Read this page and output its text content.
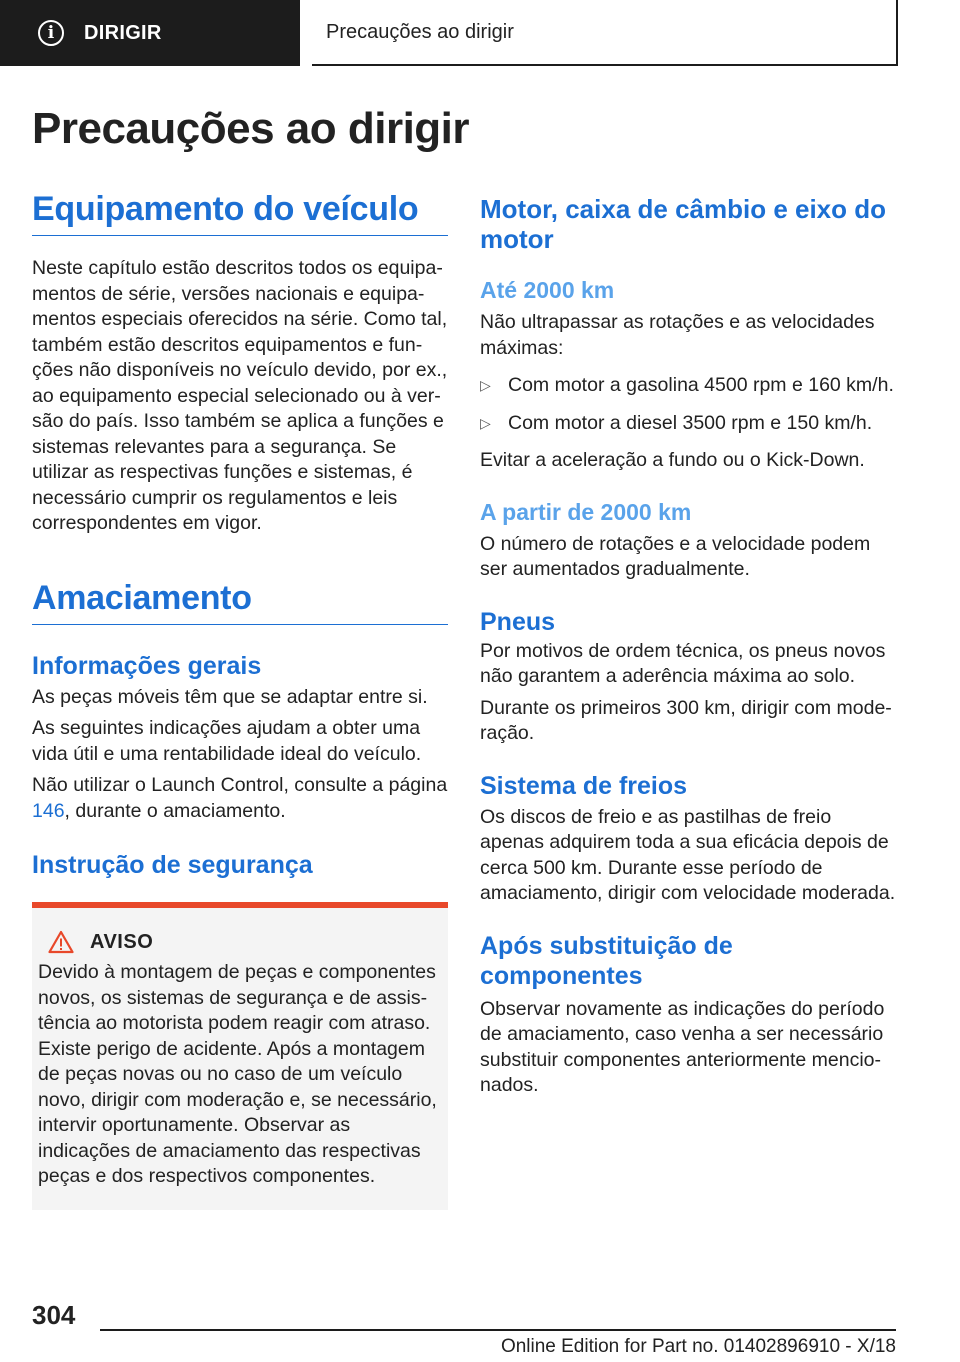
i	DIRIGIR	Precauções ao dirigir
Precauções ao dirigir
Equipamento do veículo

Neste capítulo estão descritos todos os equipa-mentos de série, versões nacionais e equipa-mentos especiais oferecidos na série. Como tal, também estão descritos equipamentos e fun-ções não disponíveis no veículo devido, por ex., ao equipamento especial selecionado ou à ver-são do país. Isso também se aplica a funções e sistemas relevantes para a segurança. Se utilizar as respectivas funções e sistemas, é necessário cumprir os regulamentos e leis correspondentes em vigor.

Amaciamento
Informações gerais

As peças móveis têm que se adaptar entre si.

As seguintes indicações ajudam a obter uma vida útil e uma rentabilidade ideal do veículo.

Não utilizar o Launch Control, consulte a página 146, durante o amaciamento.

Instrução de segurança
AVISO

Devido à montagem de peças e componentes novos, os sistemas de segurança e de assis-tência ao motorista podem reagir com atraso. Existe perigo de acidente. Após a montagem de peças novas ou no caso de um veículo novo, dirigir com moderação e, se necessário, intervir oportunamente. Observar as indicações de amaciamento das respectivas peças e dos respectivos componentes.

Motor, caixa de câmbio e eixo do motor
Até 2000 km

Não ultrapassar as rotações e as velocidades máximas:

▷ Com motor a gasolina 4500 rpm e 160 km/h.
▷ Com motor a diesel 3500 rpm e 150 km/h.

Evitar a aceleração a fundo ou o Kick-Down.

A partir de 2000 km

O número de rotações e a velocidade podem ser aumentados gradualmente.

Pneus

Por motivos de ordem técnica, os pneus novos não garantem a aderência máxima ao solo.

Durante os primeiros 300 km, dirigir com mode-ração.

Sistema de freios

Os discos de freio e as pastilhas de freio apenas adquirem toda a sua eficácia depois de cerca 500 km. Durante esse período de amaciamento, dirigir com velocidade moderada.

Após substituição de componentes

Observar novamente as indicações do período de amaciamento, caso venha a ser necessário substituir componentes anteriormente mencio-nados.

304
Online Edition for Part no. 01402896910 - X/18
